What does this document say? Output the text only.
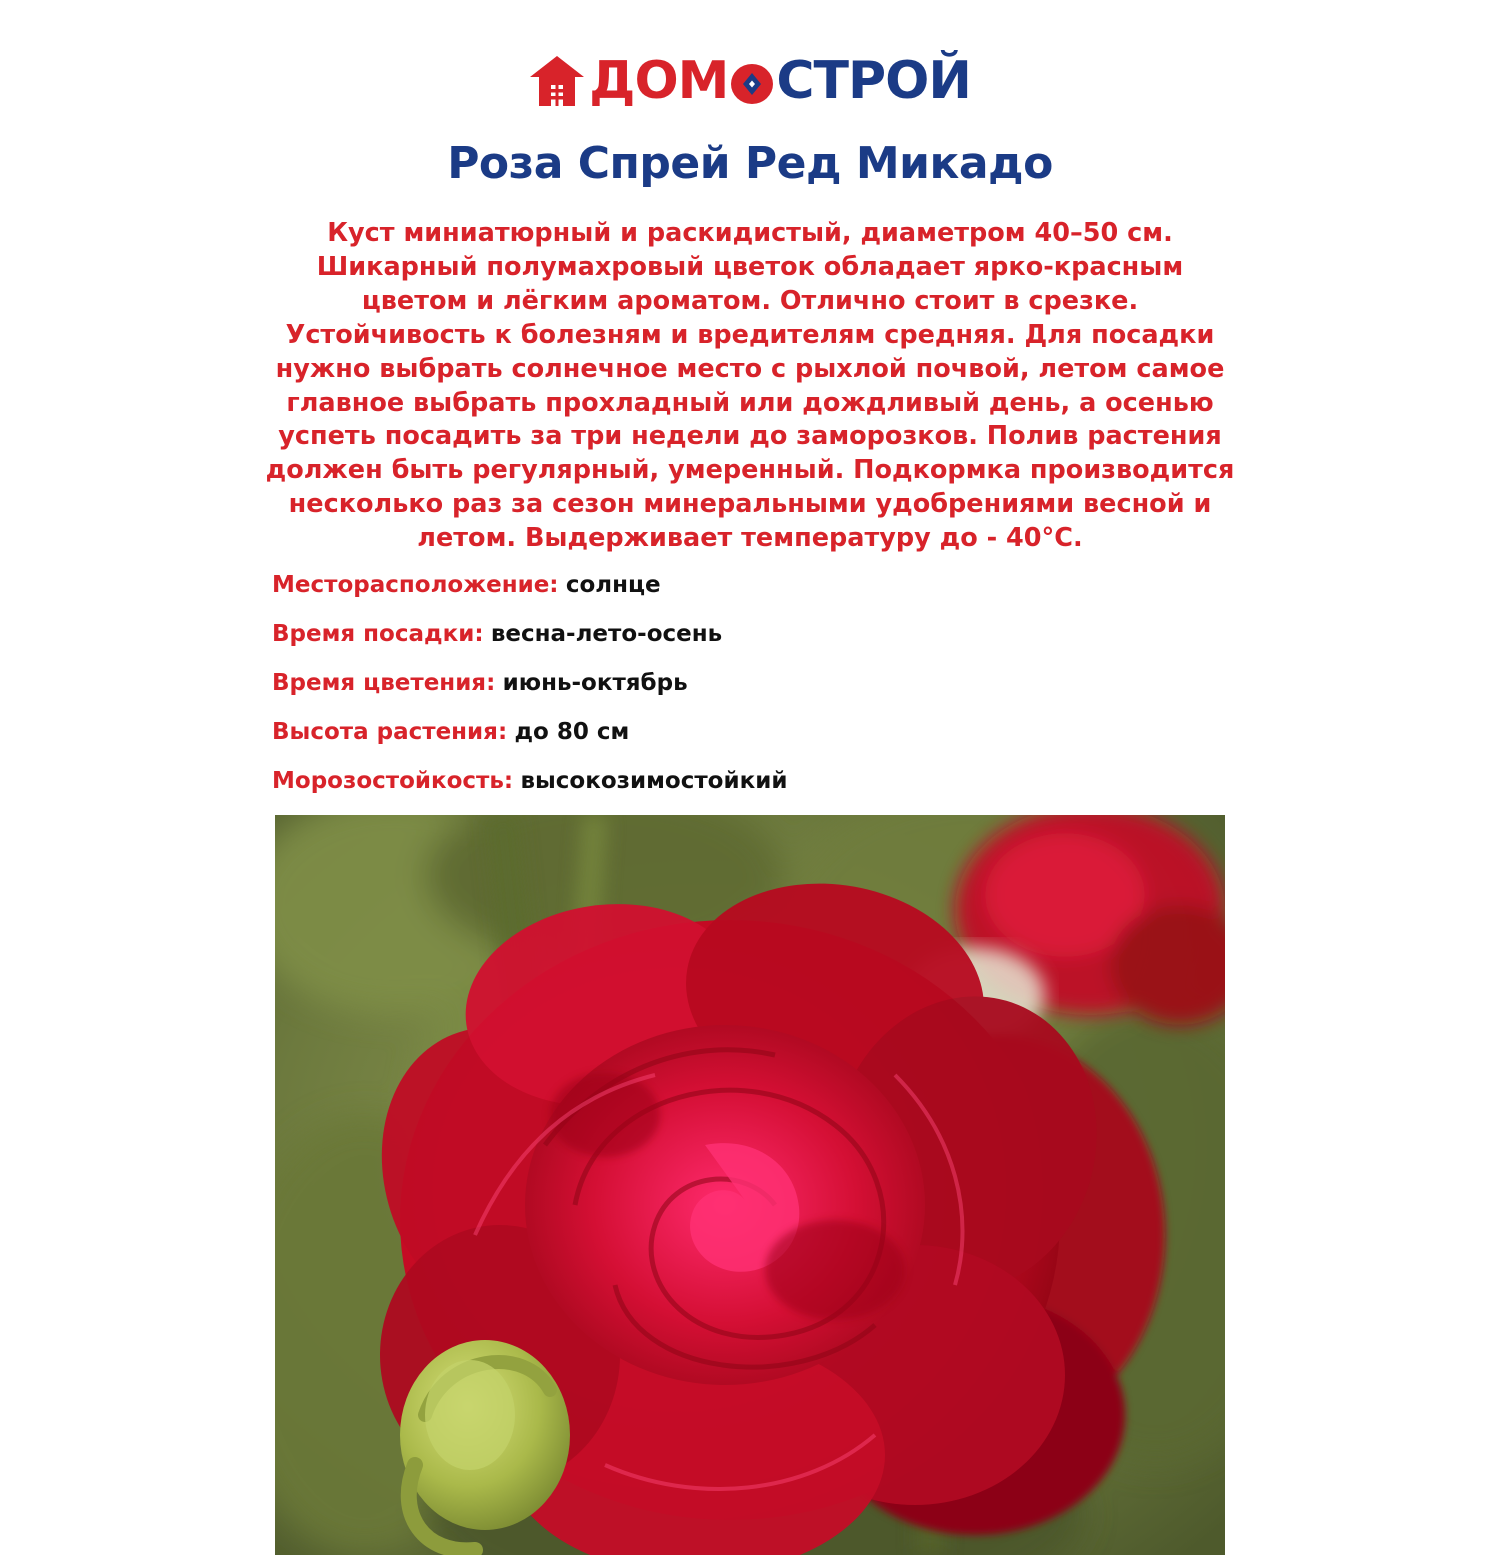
ДОМ СТРОЙ
Роза Спрей Ред Микадо

Куст миниатюрный и раскидистый, диаметром 40–50 см. Шикарный полумахровый цветок обладает ярко-красным цветом и лёгким ароматом. Отлично стоит в срезке. Устойчивость к болезням и вредителям средняя. Для посадки нужно выбрать солнечное место с рыхлой почвой, летом самое главное выбрать прохладный или дождливый день, а осенью успеть посадить за три недели до заморозков. Полив растения должен быть регулярный, умеренный. Подкормка производится несколько раз за сезон минеральными удобрениями весной и летом. Выдерживает температуру до - 40°C.

Месторасположение: солнце
Время посадки: весна-лето-осень
Время цветения: июнь-октябрь
Высота растения: до 80 см
Морозостойкость: высокозимостойкий
